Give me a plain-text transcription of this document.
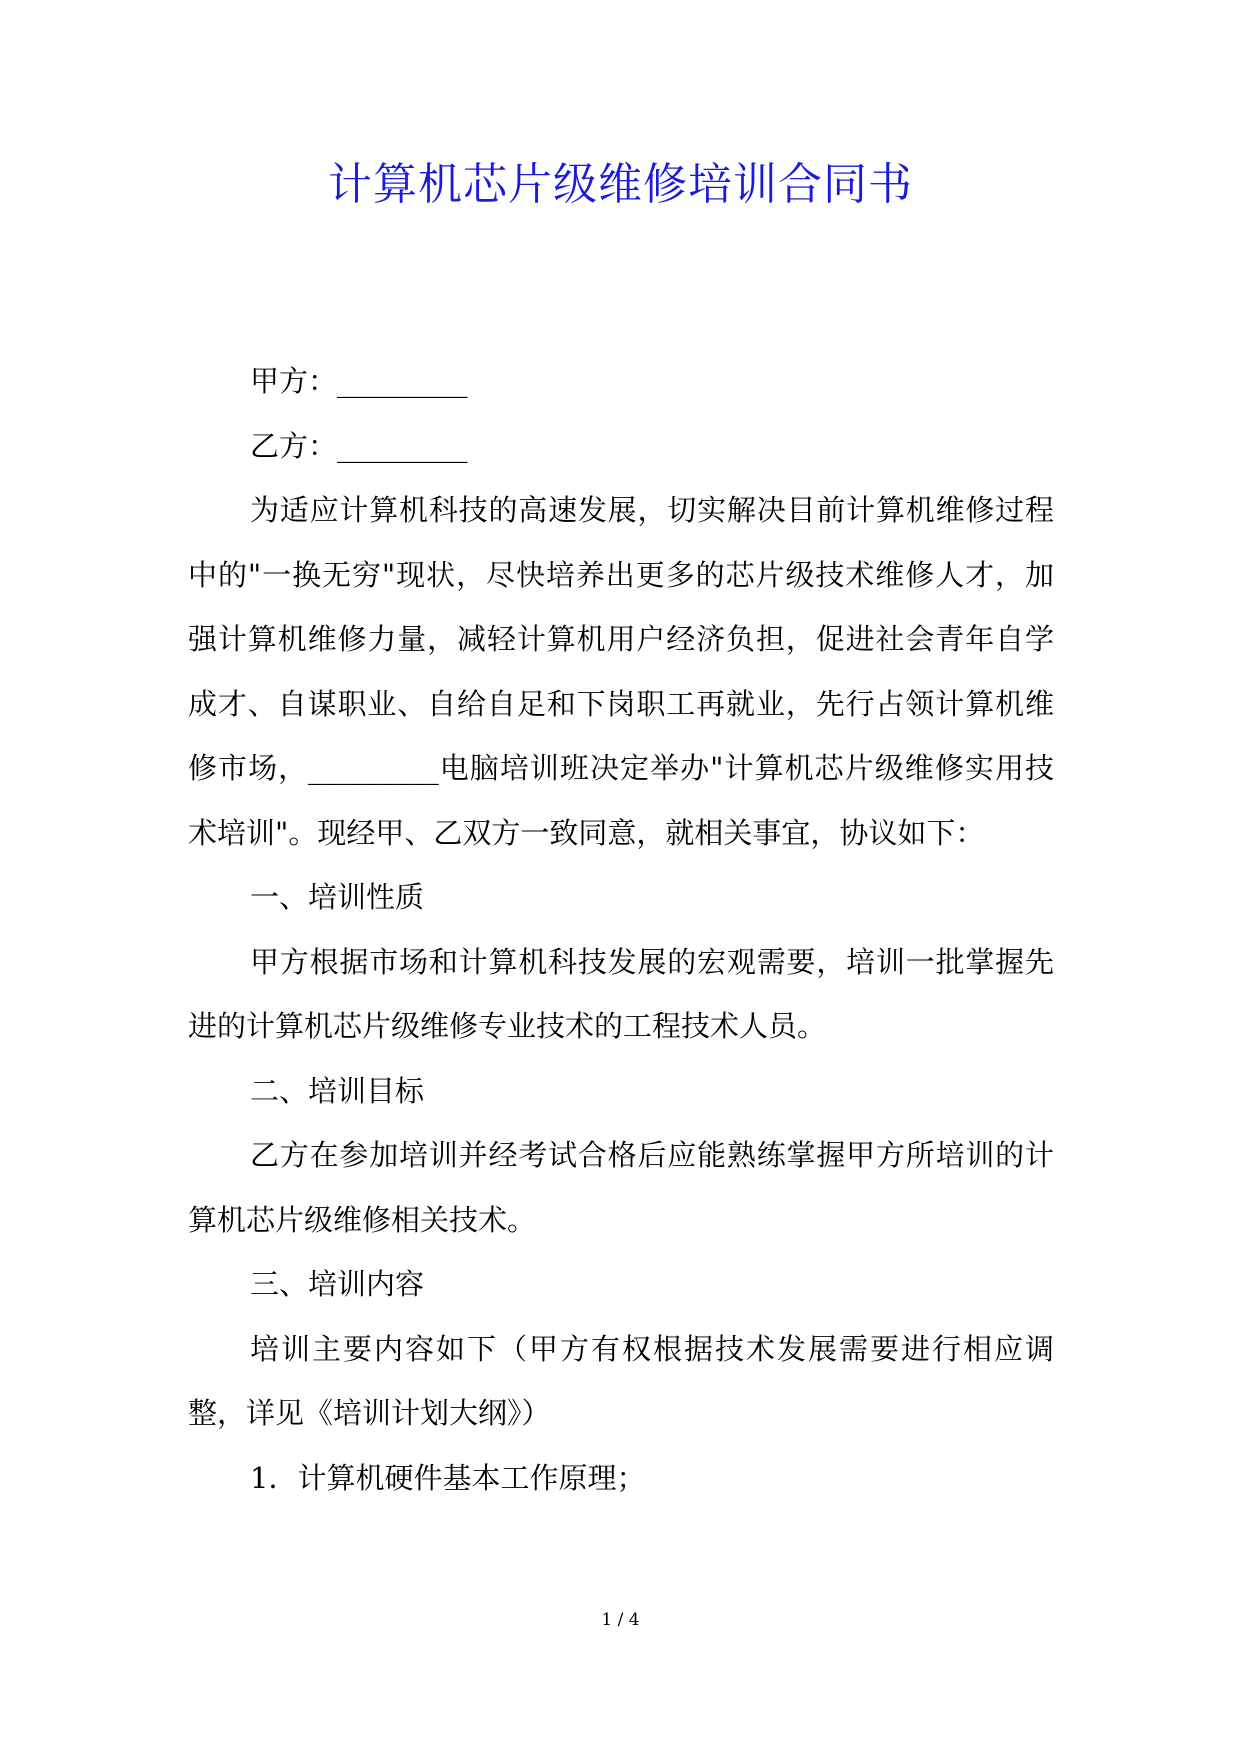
计算机芯片级维修培训合同书

甲方：_________

乙方：_________

为适应计算机科技的高速发展，切实解决目前计算机维修过程中的"一换无穷"现状，尽快培养出更多的芯片级技术维修人才，加强计算机维修力量，减轻计算机用户经济负担，促进社会青年自学成才、自谋职业、自给自足和下岗职工再就业，先行占领计算机维修市场，_________电脑培训班决定举办"计算机芯片级维修实用技术培训"。现经甲、乙双方一致同意，就相关事宜，协议如下：

一、培训性质

甲方根据市场和计算机科技发展的宏观需要，培训一批掌握先进的计算机芯片级维修专业技术的工程技术人员。

二、培训目标

乙方在参加培训并经考试合格后应能熟练掌握甲方所培训的计算机芯片级维修相关技术。

三、培训内容

培训主要内容如下（甲方有权根据技术发展需要进行相应调整，详见《培训计划大纲》）

1．计算机硬件基本工作原理；

1 / 4
